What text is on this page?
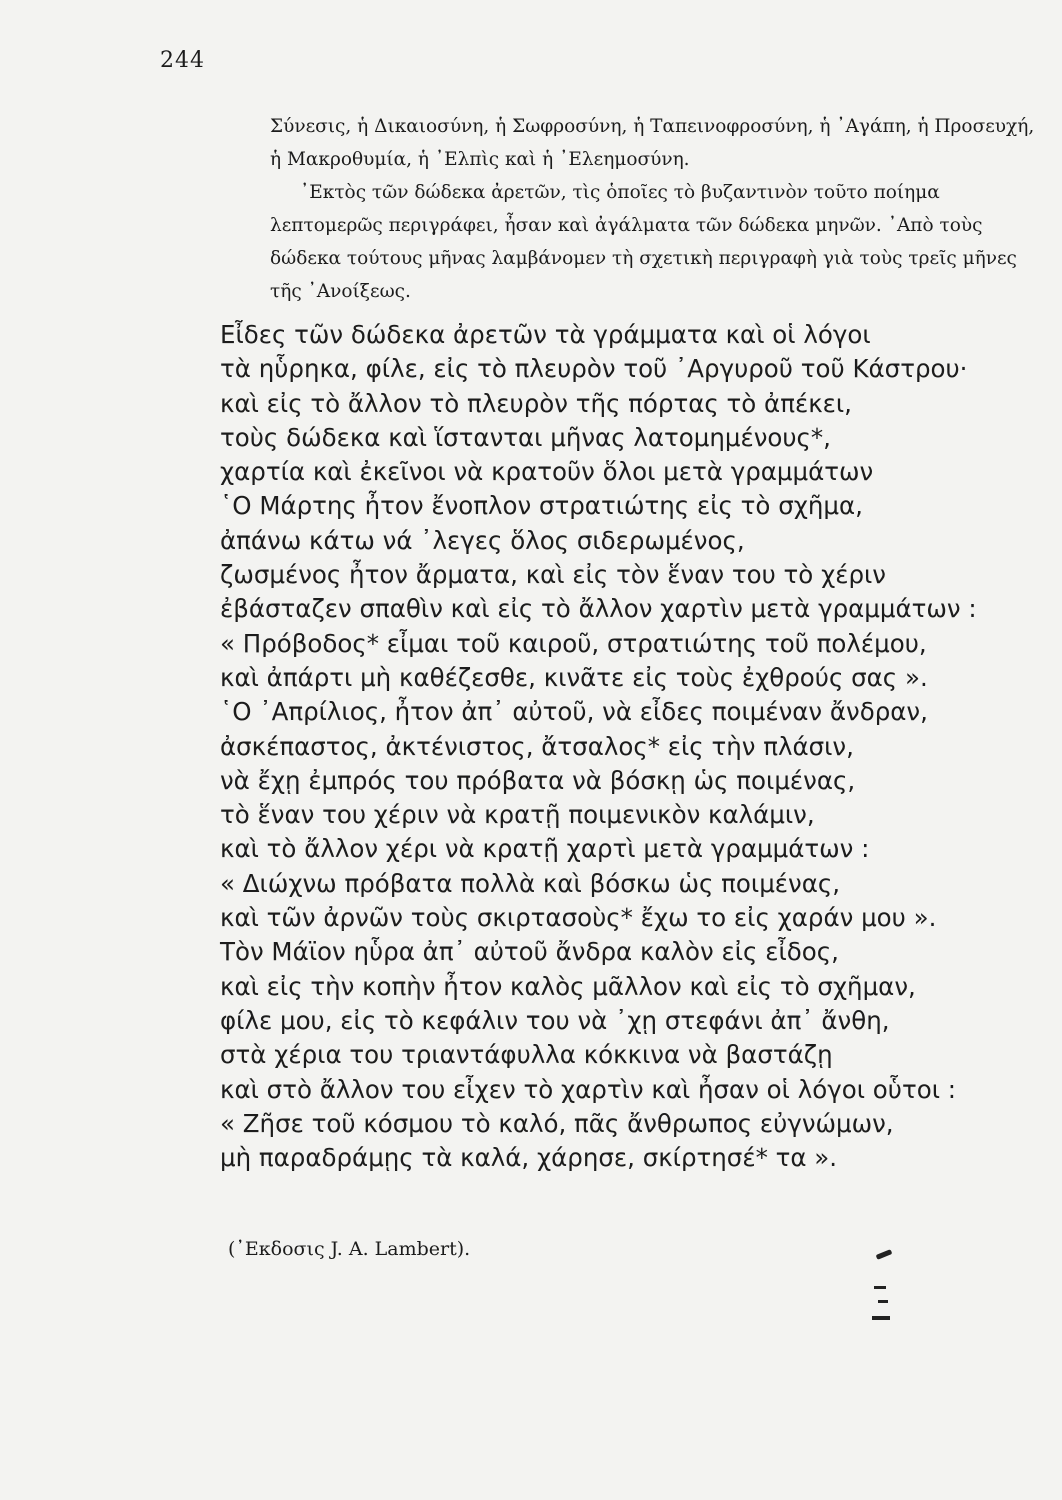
244

Σύνεσις, ἡ Δικαιοσύνη, ἡ Σωφροσύνη, ἡ Ταπεινοφροσύνη, ἡ ᾿Αγάπη, ἡ Προσευχή, ἡ Μακροθυμία, ἡ ᾿Ελπὶς καὶ ἡ ᾿Ελεημοσύνη.

᾿Εκτὸς τῶν δώδεκα ἀρετῶν, τὶς ὁποῖες τὸ βυζαντινὸν τοῦτο ποίημα λεπτομερῶς περιγράφει, ἦσαν καὶ ἀγάλματα τῶν δώδεκα μηνῶν. ᾿Απὸ τοὺς δώδεκα τούτους μῆνας λαμβάνομεν τὴ σχετικὴ περιγραφὴ γιὰ τοὺς τρεῖς μῆνες τῆς ᾿Ανοίξεως.

Εἶδες τῶν δώδεκα ἀρετῶν τὰ γράμματα καὶ οἱ λόγοι
τὰ ηὗρηκα, φίλε, εἰς τὸ πλευρὸν τοῦ ᾿Αργυροῦ τοῦ Κάστρου·
καὶ εἰς τὸ ἄλλον τὸ πλευρὸν τῆς πόρτας τὸ ἀπέκει,
τοὺς δώδεκα καὶ ἵστανται μῆνας λατομημένους*,
χαρτία καὶ ἐκεῖνοι νὰ κρατοῦν ὅλοι μετὰ γραμμάτων
῾Ο Μάρτης ἦτον ἔνοπλον στρατιώτης εἰς τὸ σχῆμα,
ἀπάνω κάτω νά ᾿λεγες ὅλος σιδερωμένος,
ζωσμένος ἦτον ἄρματα, καὶ εἰς τὸν ἕναν του τὸ χέριν
ἐβάσταζεν σπαθὶν καὶ εἰς τὸ ἄλλον χαρτὶν μετὰ γραμμάτων :
« Πρόβοδος* εἶμαι τοῦ καιροῦ, στρατιώτης τοῦ πολέμου,
καὶ ἀπάρτι μὴ καθέζεσθε, κινᾶτε εἰς τοὺς ἐχθρούς σας ».
῾Ο ᾿Απρίλιος, ἦτον ἀπ᾿ αὐτοῦ, νὰ εἶδες ποιμέναν ἄνδραν,
ἀσκέπαστος, ἀκτένιστος, ἄτσαλος* εἰς τὴν πλάσιν,
νὰ ἔχῃ ἐμπρός του πρόβατα νὰ βόσκῃ ὡς ποιμένας,
τὸ ἕναν του χέριν νὰ κρατῇ ποιμενικὸν καλάμιν,
καὶ τὸ ἄλλον χέρι νὰ κρατῇ χαρτὶ μετὰ γραμμάτων :
« Διώχνω πρόβατα πολλὰ καὶ βόσκω ὡς ποιμένας,
καὶ τῶν ἀρνῶν τοὺς σκιρτασοὺς* ἔχω το εἰς χαράν μου ».
Τὸν Μάϊον ηὗρα ἀπ᾿ αὐτοῦ ἄνδρα καλὸν εἰς εἶδος,
καὶ εἰς τὴν κοπὴν ἦτον καλὸς μᾶλλον καὶ εἰς τὸ σχῆμαν,
φίλε μου, εἰς τὸ κεφάλιν του νὰ ᾿χῃ στεφάνι ἀπ᾿ ἄνθη,
στὰ χέρια του τριαντάφυλλα κόκκινα νὰ βαστάζῃ
καὶ στὸ ἄλλον του εἶχεν τὸ χαρτὶν καὶ ἦσαν οἱ λόγοι οὗτοι :
« Ζῆσε τοῦ κόσμου τὸ καλό, πᾶς ἄνθρωπος εὐγνώμων,
μὴ παραδράμῃς τὰ καλά, χάρησε, σκίρτησέ* τα ».
(᾿Εκδοσις J. A. Lambert).
